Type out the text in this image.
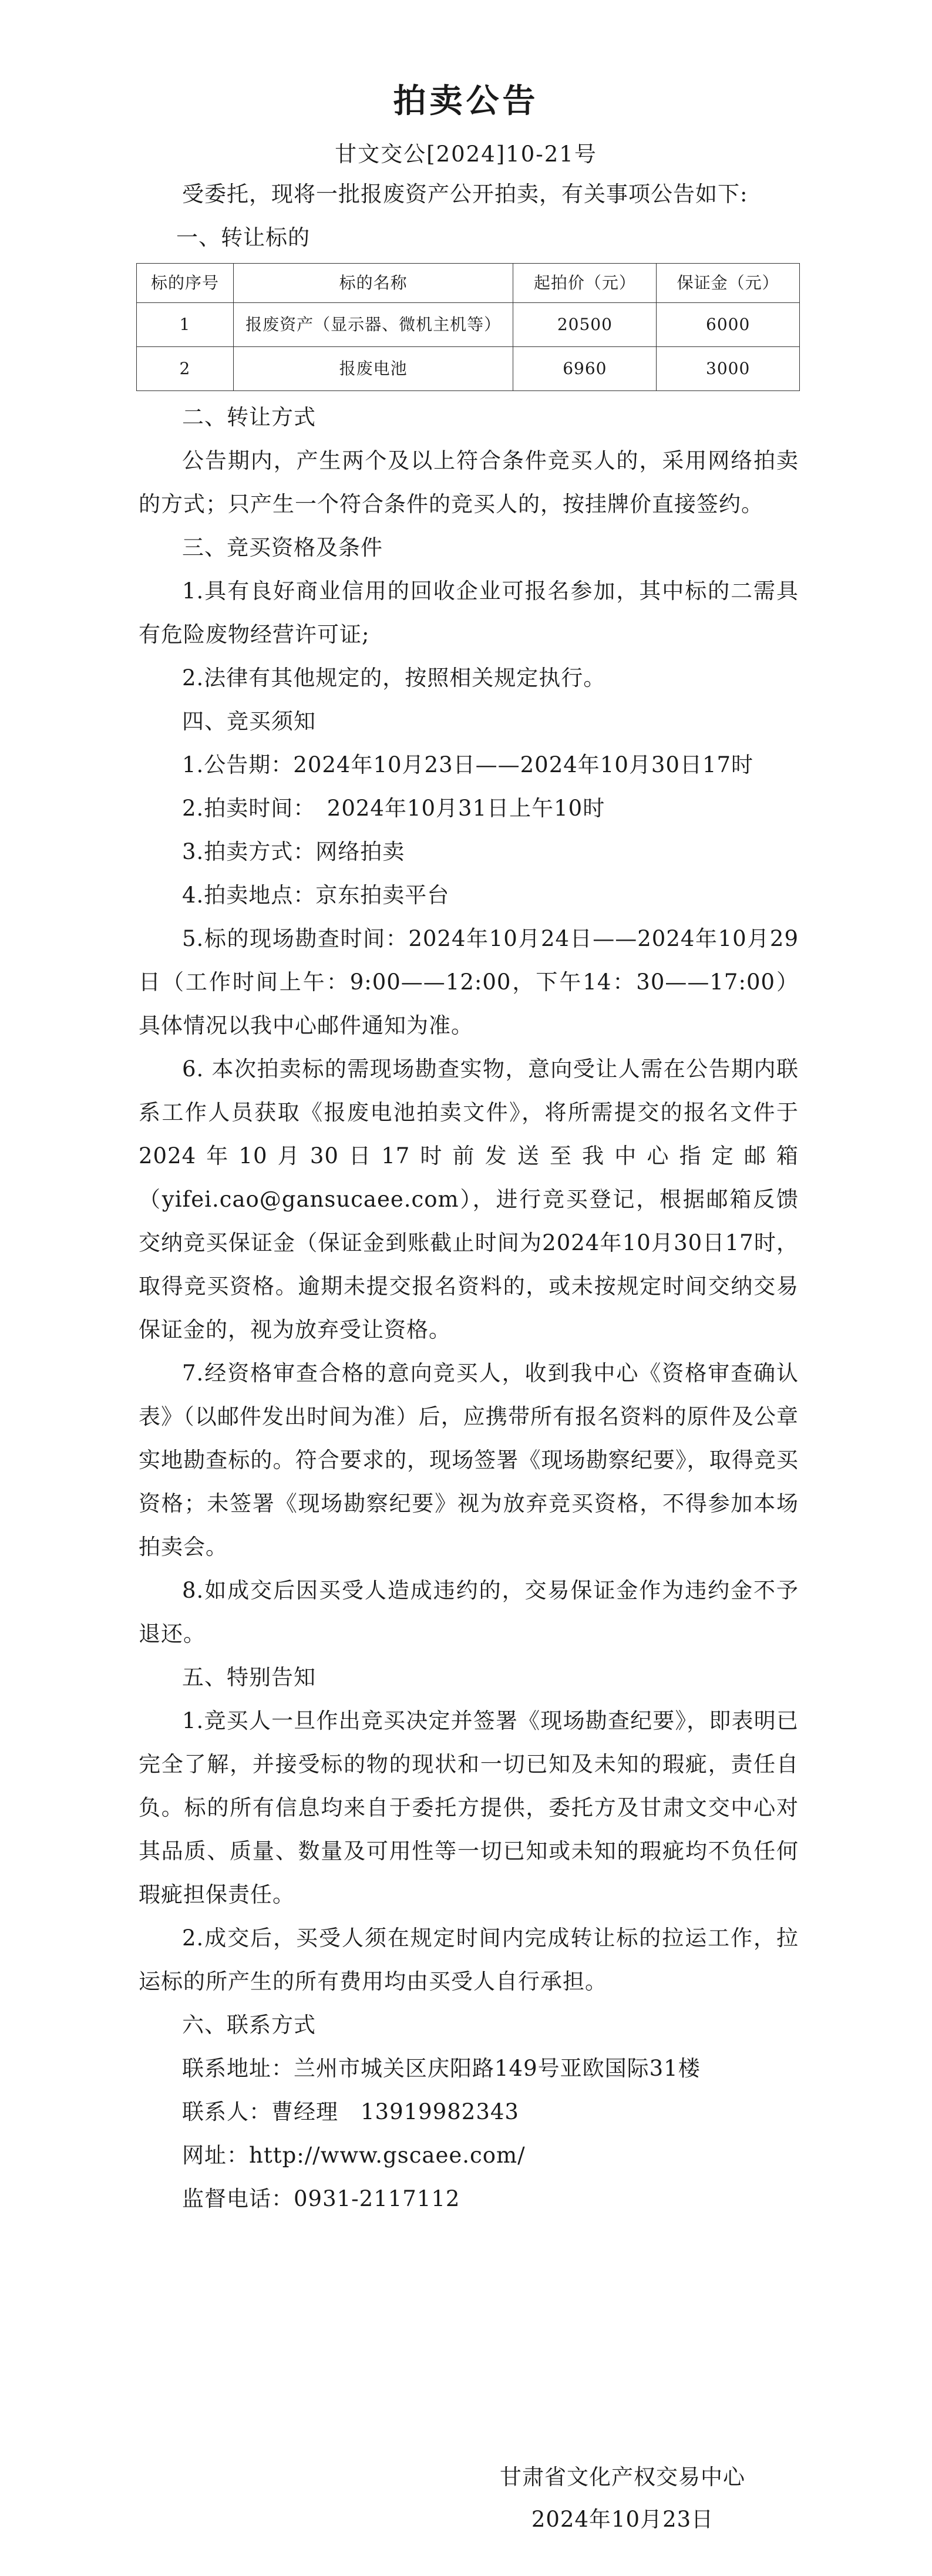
拍卖公告
甘文交公[2024]10-21号

受委托，现将一批报废资产公开拍卖，有关事项公告如下:

一、转让标的

标的序号	标的名称	起拍价（元）	保证金（元）
1	报废资产（显示器、微机主机等）	20500	6000
2	报废电池	6960	3000

二、转让方式

公告期内，产生两个及以上符合条件竞买人的，采用网络拍卖的方式；只产生一个符合条件的竞买人的，按挂牌价直接签约。

三、竞买资格及条件

1.具有良好商业信用的回收企业可报名参加，其中标的二需具有危险废物经营许可证;

2.法律有其他规定的，按照相关规定执行。

四、竞买须知

1.公告期：2024年10月23日——2024年10月30日17时

2.拍卖时间：　2024年10月31日上午10时

3.拍卖方式：网络拍卖

4.拍卖地点：京东拍卖平台

5.标的现场勘查时间：2024年10月24日——2024年10月29日（工作时间上午：9:00——12:00，下午14：30——17:00）具体情况以我中心邮件通知为准。

6. 本次拍卖标的需现场勘查实物，意向受让人需在公告期内联系工作人员获取《报废电池拍卖文件》，将所需提交的报名文件于2024年10月30日17时前发送至我中心指定邮箱（yifei.cao@gansucaee.com），进行竞买登记，根据邮箱反馈交纳竞买保证金（保证金到账截止时间为2024年10月30日17时，取得竞买资格。逾期未提交报名资料的，或未按规定时间交纳交易保证金的，视为放弃受让资格。

7.经资格审查合格的意向竞买人，收到我中心《资格审查确认表》（以邮件发出时间为准）后，应携带所有报名资料的原件及公章实地勘查标的。符合要求的，现场签署《现场勘察纪要》，取得竞买资格；未签署《现场勘察纪要》视为放弃竞买资格，不得参加本场拍卖会。

8.如成交后因买受人造成违约的，交易保证金作为违约金不予退还。

五、特别告知

1.竞买人一旦作出竞买决定并签署《现场勘查纪要》，即表明已完全了解，并接受标的物的现状和一切已知及未知的瑕疵，责任自负。标的所有信息均来自于委托方提供，委托方及甘肃文交中心对其品质、质量、数量及可用性等一切已知或未知的瑕疵均不负任何瑕疵担保责任。

2.成交后，买受人须在规定时间内完成转让标的拉运工作，拉运标的所产生的所有费用均由买受人自行承担。

六、联系方式

联系地址：兰州市城关区庆阳路149号亚欧国际31楼

联系人：曹经理　13919982343

网址：http://www.gscaee.com/

监督电话：0931-2117112

甘肃省文化产权交易中心
2024年10月23日
